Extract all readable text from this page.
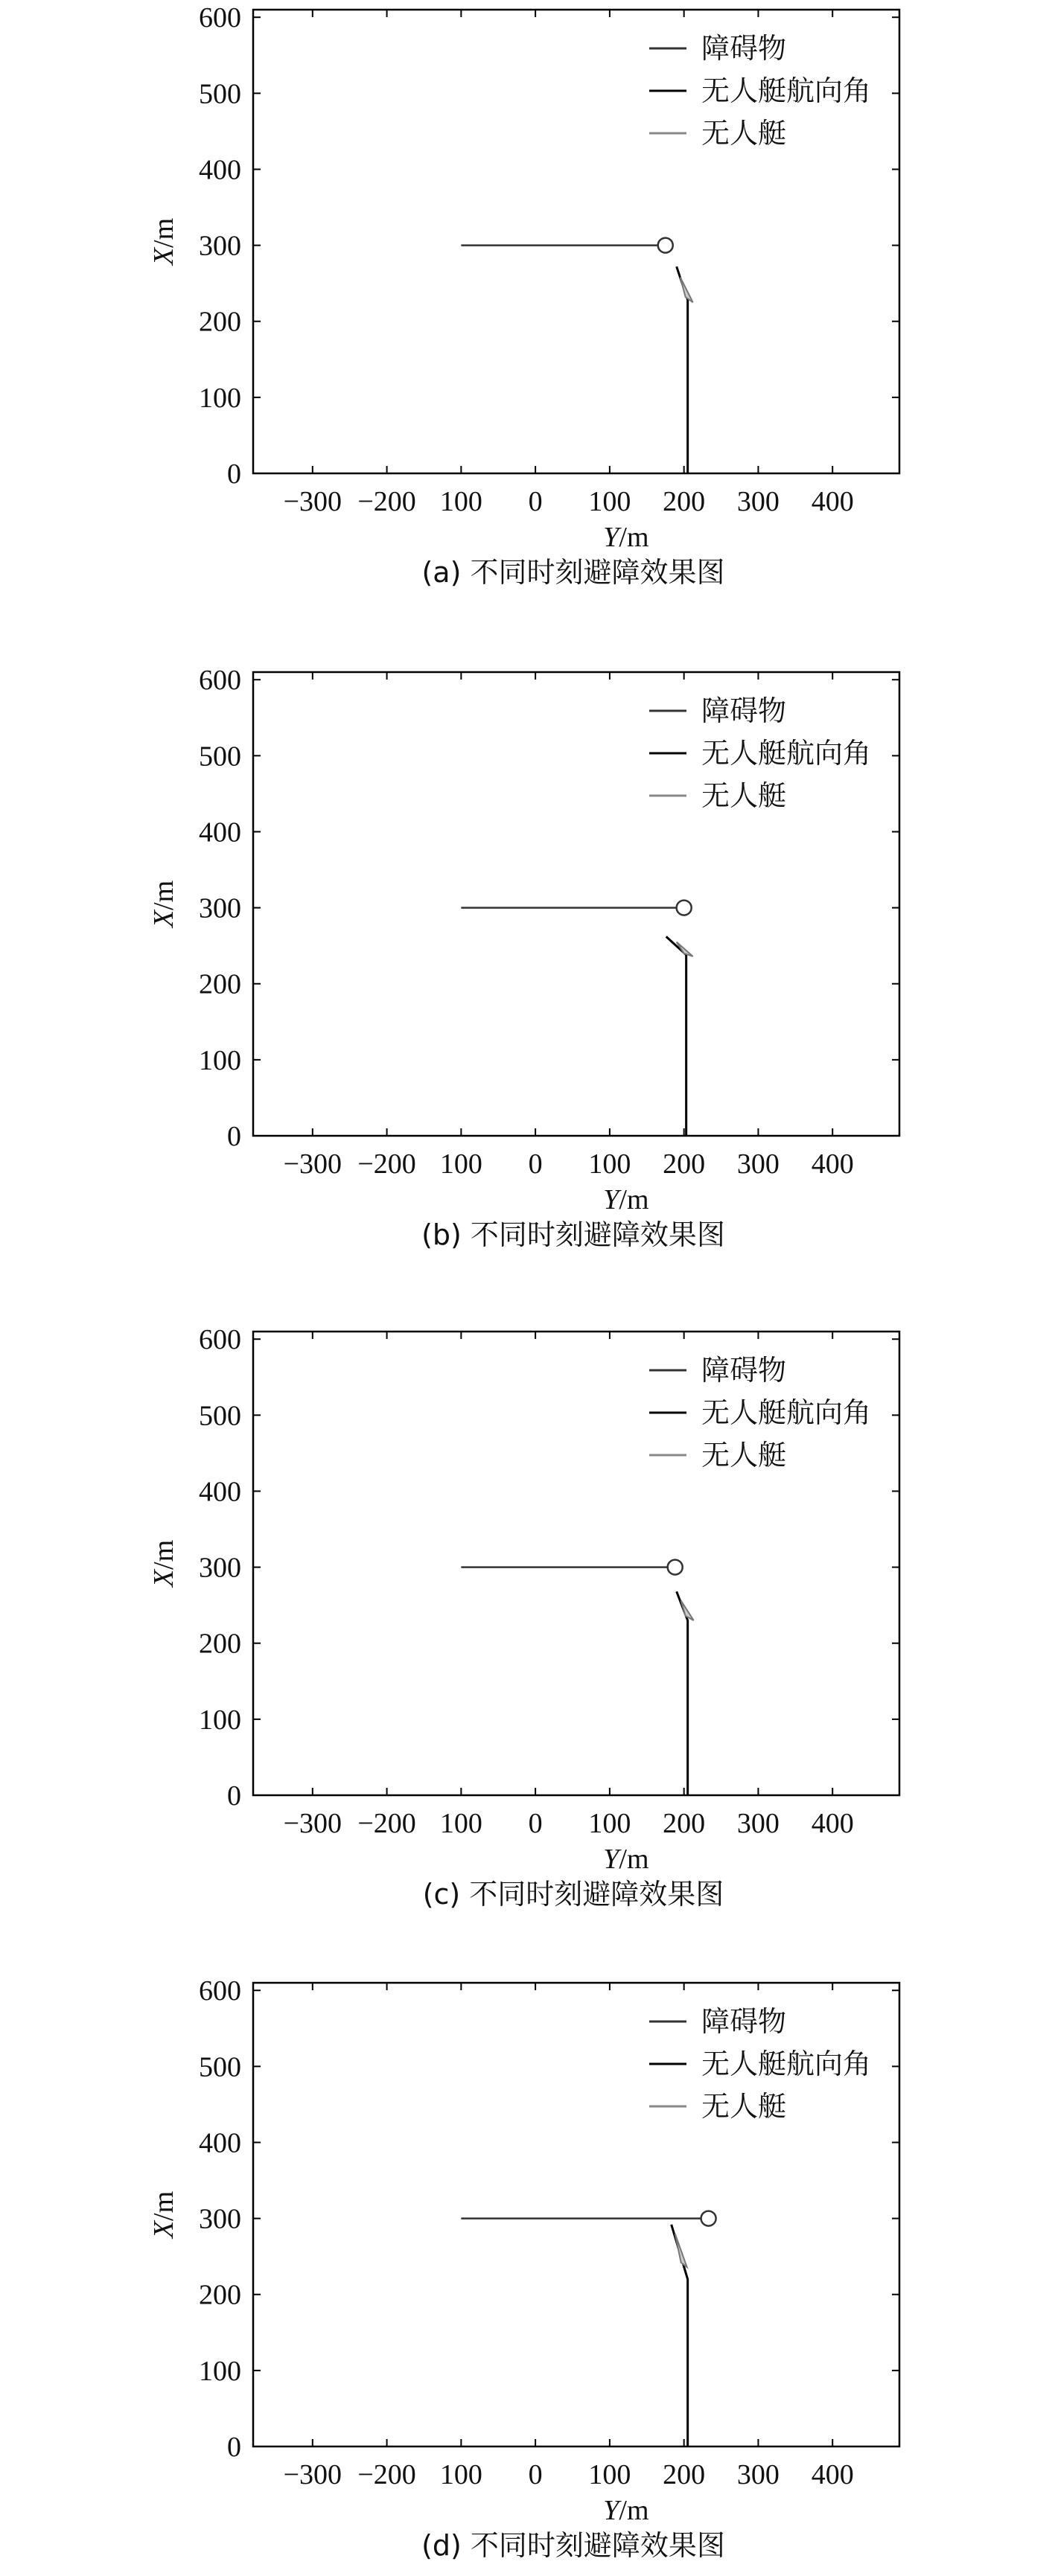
−300 −200 100 0 100 200 300 400
0
100
200
300
400
500
600
Y/m
X/m
障碍物
无人艇航向角
无人艇
(a) 不同时刻避障效果图
−300 −200 100 0 100 200 300 400
0
100
200
300
400
500
600
Y/m
X/m
障碍物
无人艇航向角
无人艇
(b) 不同时刻避障效果图
−300 −200 100 0 100 200 300 400
0
100
200
300
400
500
600
Y/m
X/m
障碍物
无人艇航向角
无人艇
(c) 不同时刻避障效果图
−300 −200 100 0 100 200 300 400
0
100
200
300
400
500
600
Y/m
X/m
障碍物
无人艇航向角
无人艇
(d) 不同时刻避障效果图
